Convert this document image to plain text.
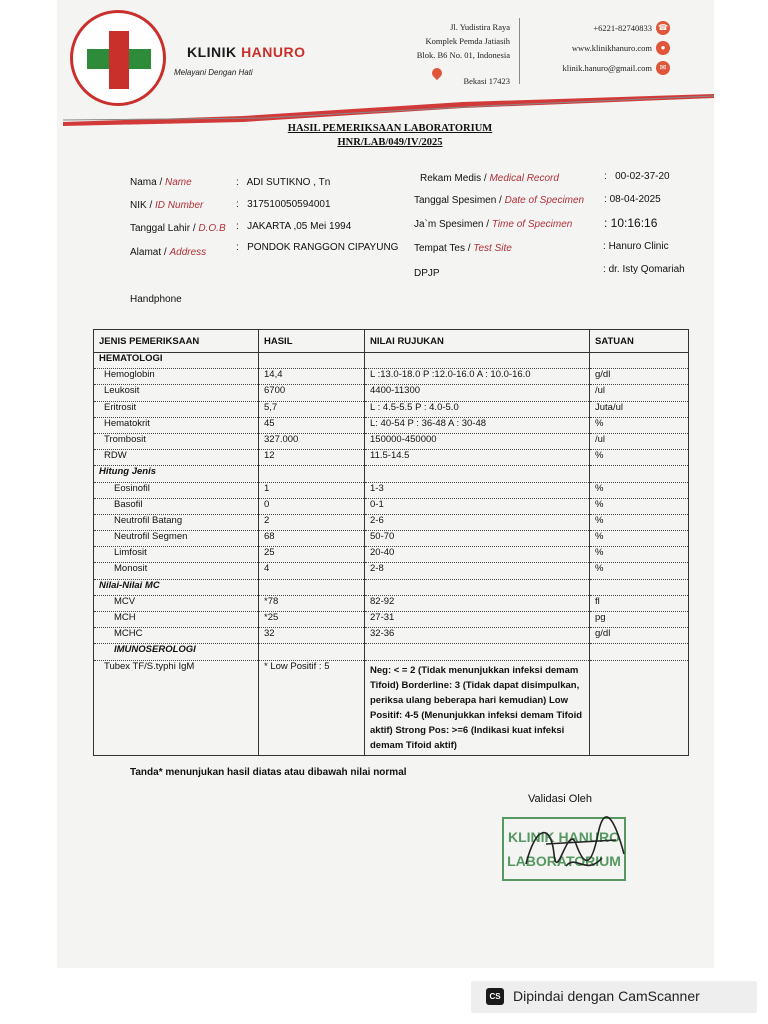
KLINIK HANURO
Melayani Dengan Hati
Jl. Yudistira Raya
Komplek Pemda Jatiasih
Blok. B6 No. 01, Indonesia
Bekasi 17423
+6221-82740833
www.klinikhanuro.com
klinik.hanuro@gmail.com
☎
●
✉
HASIL PEMERIKSAAN LABORATORIUM
HNR/LAB/049/IV/2025
Nama / Name	:   ADI SUTIKNO , Tn
NIK / ID Number	:   317510050594001
Tanggal Lahir / D.O.B :   JAKARTA ,05 Mei 1994
Alamat / Address	:   PONDOK RANGGON CIPAYUNG
Handphone
Rekam Medis / Medical Record	:   00-02-37-20
Tanggal Spesimen / Date of Specimen : 08-04-2025
Ja`m Spesimen / Time of Specimen	: 10:16:16
Tempat Tes / Test Site	: Hanuro Clinic
DPJP	: dr. Isty Qomariah
JENIS PEMERIKSAAN	HASIL	NILAI RUJUKAN	SATUAN
HEMATOLOGI			
Hemoglobin	14,4	L :13.0-18.0 P :12.0-16.0 A : 10.0-16.0	g/dl
Leukosit	6700	4400-11300	/ul
Eritrosit	5,7	L : 4.5-5.5 P : 4.0-5.0	Juta/ul
Hematokrit	45	L: 40-54 P : 36-48 A : 30-48	%
Trombosit	327.000	150000-450000	/ul
RDW	12	11.5-14.5	%
Hitung Jenis			
Eosinofil	1	1-3	%
Basofil	0	0-1	%
Neutrofil Batang	2	2-6	%
Neutrofil Segmen	68	50-70	%
Limfosit	25	20-40	%
Monosit	4	2-8	%
Nilai-Nilai MC			
MCV	*78	82-92	fl
MCH	*25	27-31	pg
MCHC	32	32-36	g/dl
IMUNOSEROLOGI			
Tubex TF/S.typhi IgM	* Low Positif : 5	Neg: < = 2 (Tidak menunjukkan infeksi demam Tifoid) Borderline: 3 (Tidak dapat disimpulkan, periksa ulang beberapa hari kemudian) Low Positif: 4-5 (Menunjukkan infeksi demam Tifoid aktif) Strong Pos: >=6 (Indikasi kuat infeksi demam Tifoid aktif)	
Tanda* menunjukan hasil diatas atau dibawah nilai normal
Validasi Oleh
KLINIK HANURO
LABORATORIUM
CS Dipindai dengan CamScanner
